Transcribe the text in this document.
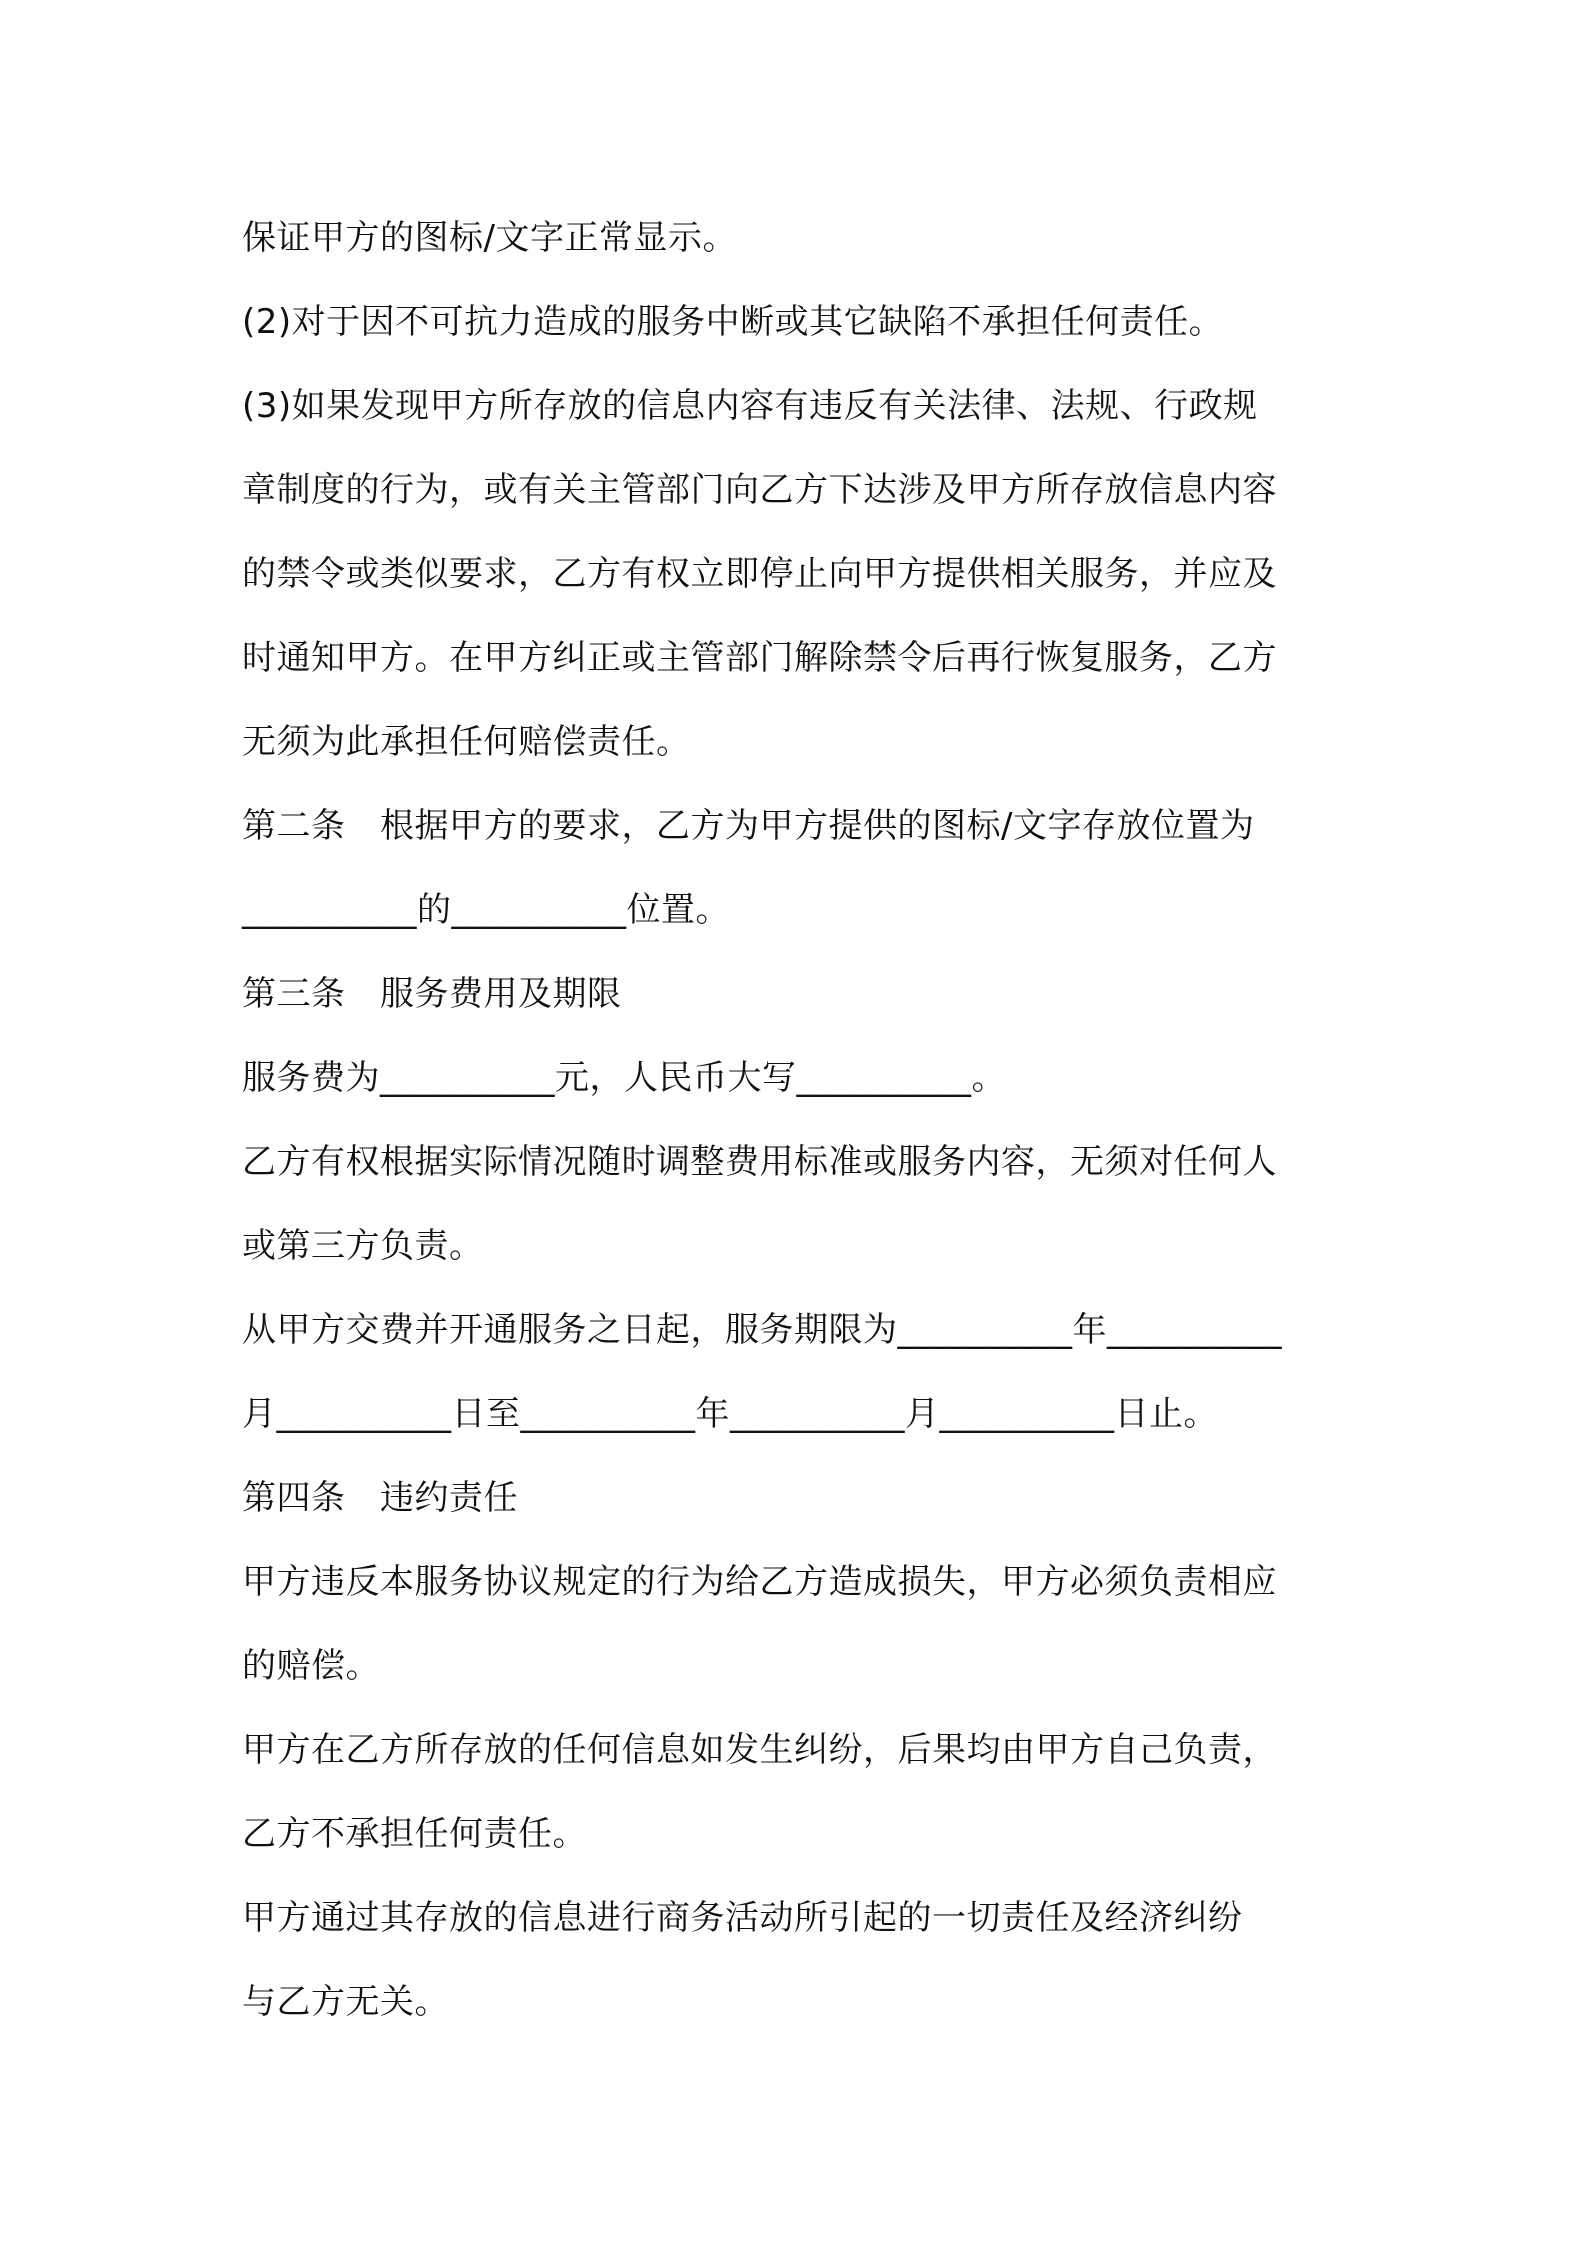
保证甲方的图标/文字正常显示。
(2)对于因不可抗力造成的服务中断或其它缺陷不承担任何责任。
(3)如果发现甲方所存放的信息内容有违反有关法律、法规、行政规
章制度的行为，或有关主管部门向乙方下达涉及甲方所存放信息内容
的禁令或类似要求，乙方有权立即停止向甲方提供相关服务，并应及
时通知甲方。在甲方纠正或主管部门解除禁令后再行恢复服务，乙方
无须为此承担任何赔偿责任。
第二条　根据甲方的要求，乙方为甲方提供的图标/文字存放位置为
__________的__________位置。
第三条　服务费用及期限
服务费为__________元，人民币大写__________。
乙方有权根据实际情况随时调整费用标准或服务内容，无须对任何人
或第三方负责。
从甲方交费并开通服务之日起，服务期限为__________年__________
月__________日至__________年__________月__________日止。
第四条　违约责任
甲方违反本服务协议规定的行为给乙方造成损失，甲方必须负责相应
的赔偿。
甲方在乙方所存放的任何信息如发生纠纷，后果均由甲方自己负责，
乙方不承担任何责任。
甲方通过其存放的信息进行商务活动所引起的一切责任及经济纠纷
与乙方无关。
